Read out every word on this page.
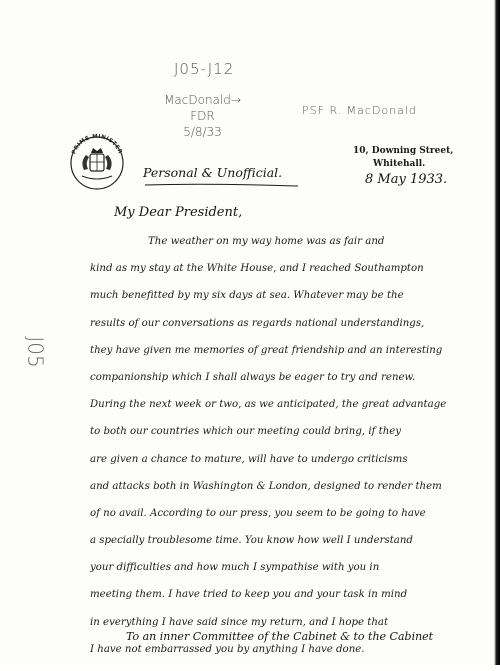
J05-J12
MacDonald→
FDR
5/8/33
PSF R. MacDonald
J05
PRIME MINISTER	10, Downing Street,
Whitehall.
8 May 1933.
Personal & Unofficial.
My Dear President,
The weather on my way home was as fair and
kind as my stay at the White House, and I reached Southampton
much benefitted by my six days at sea. Whatever may be the
results of our conversations as regards national understandings,
they have given me memories of great friendship and an interesting
companionship which I shall always be eager to try and renew.
During the next week or two, as we anticipated, the great advantage
to both our countries which our meeting could bring, if they
are given a chance to mature, will have to undergo criticisms
and attacks both in Washington & London, designed to render them
of no avail. According to our press, you seem to be going to have
a specially troublesome time. You know how well I understand
your difficulties and how much I sympathise with you in
meeting them. I have tried to keep you and your task in mind
in everything I have said since my return, and I hope that
I have not embarrassed you by anything I have done.
To an inner Committee of the Cabinet & to the Cabinet
